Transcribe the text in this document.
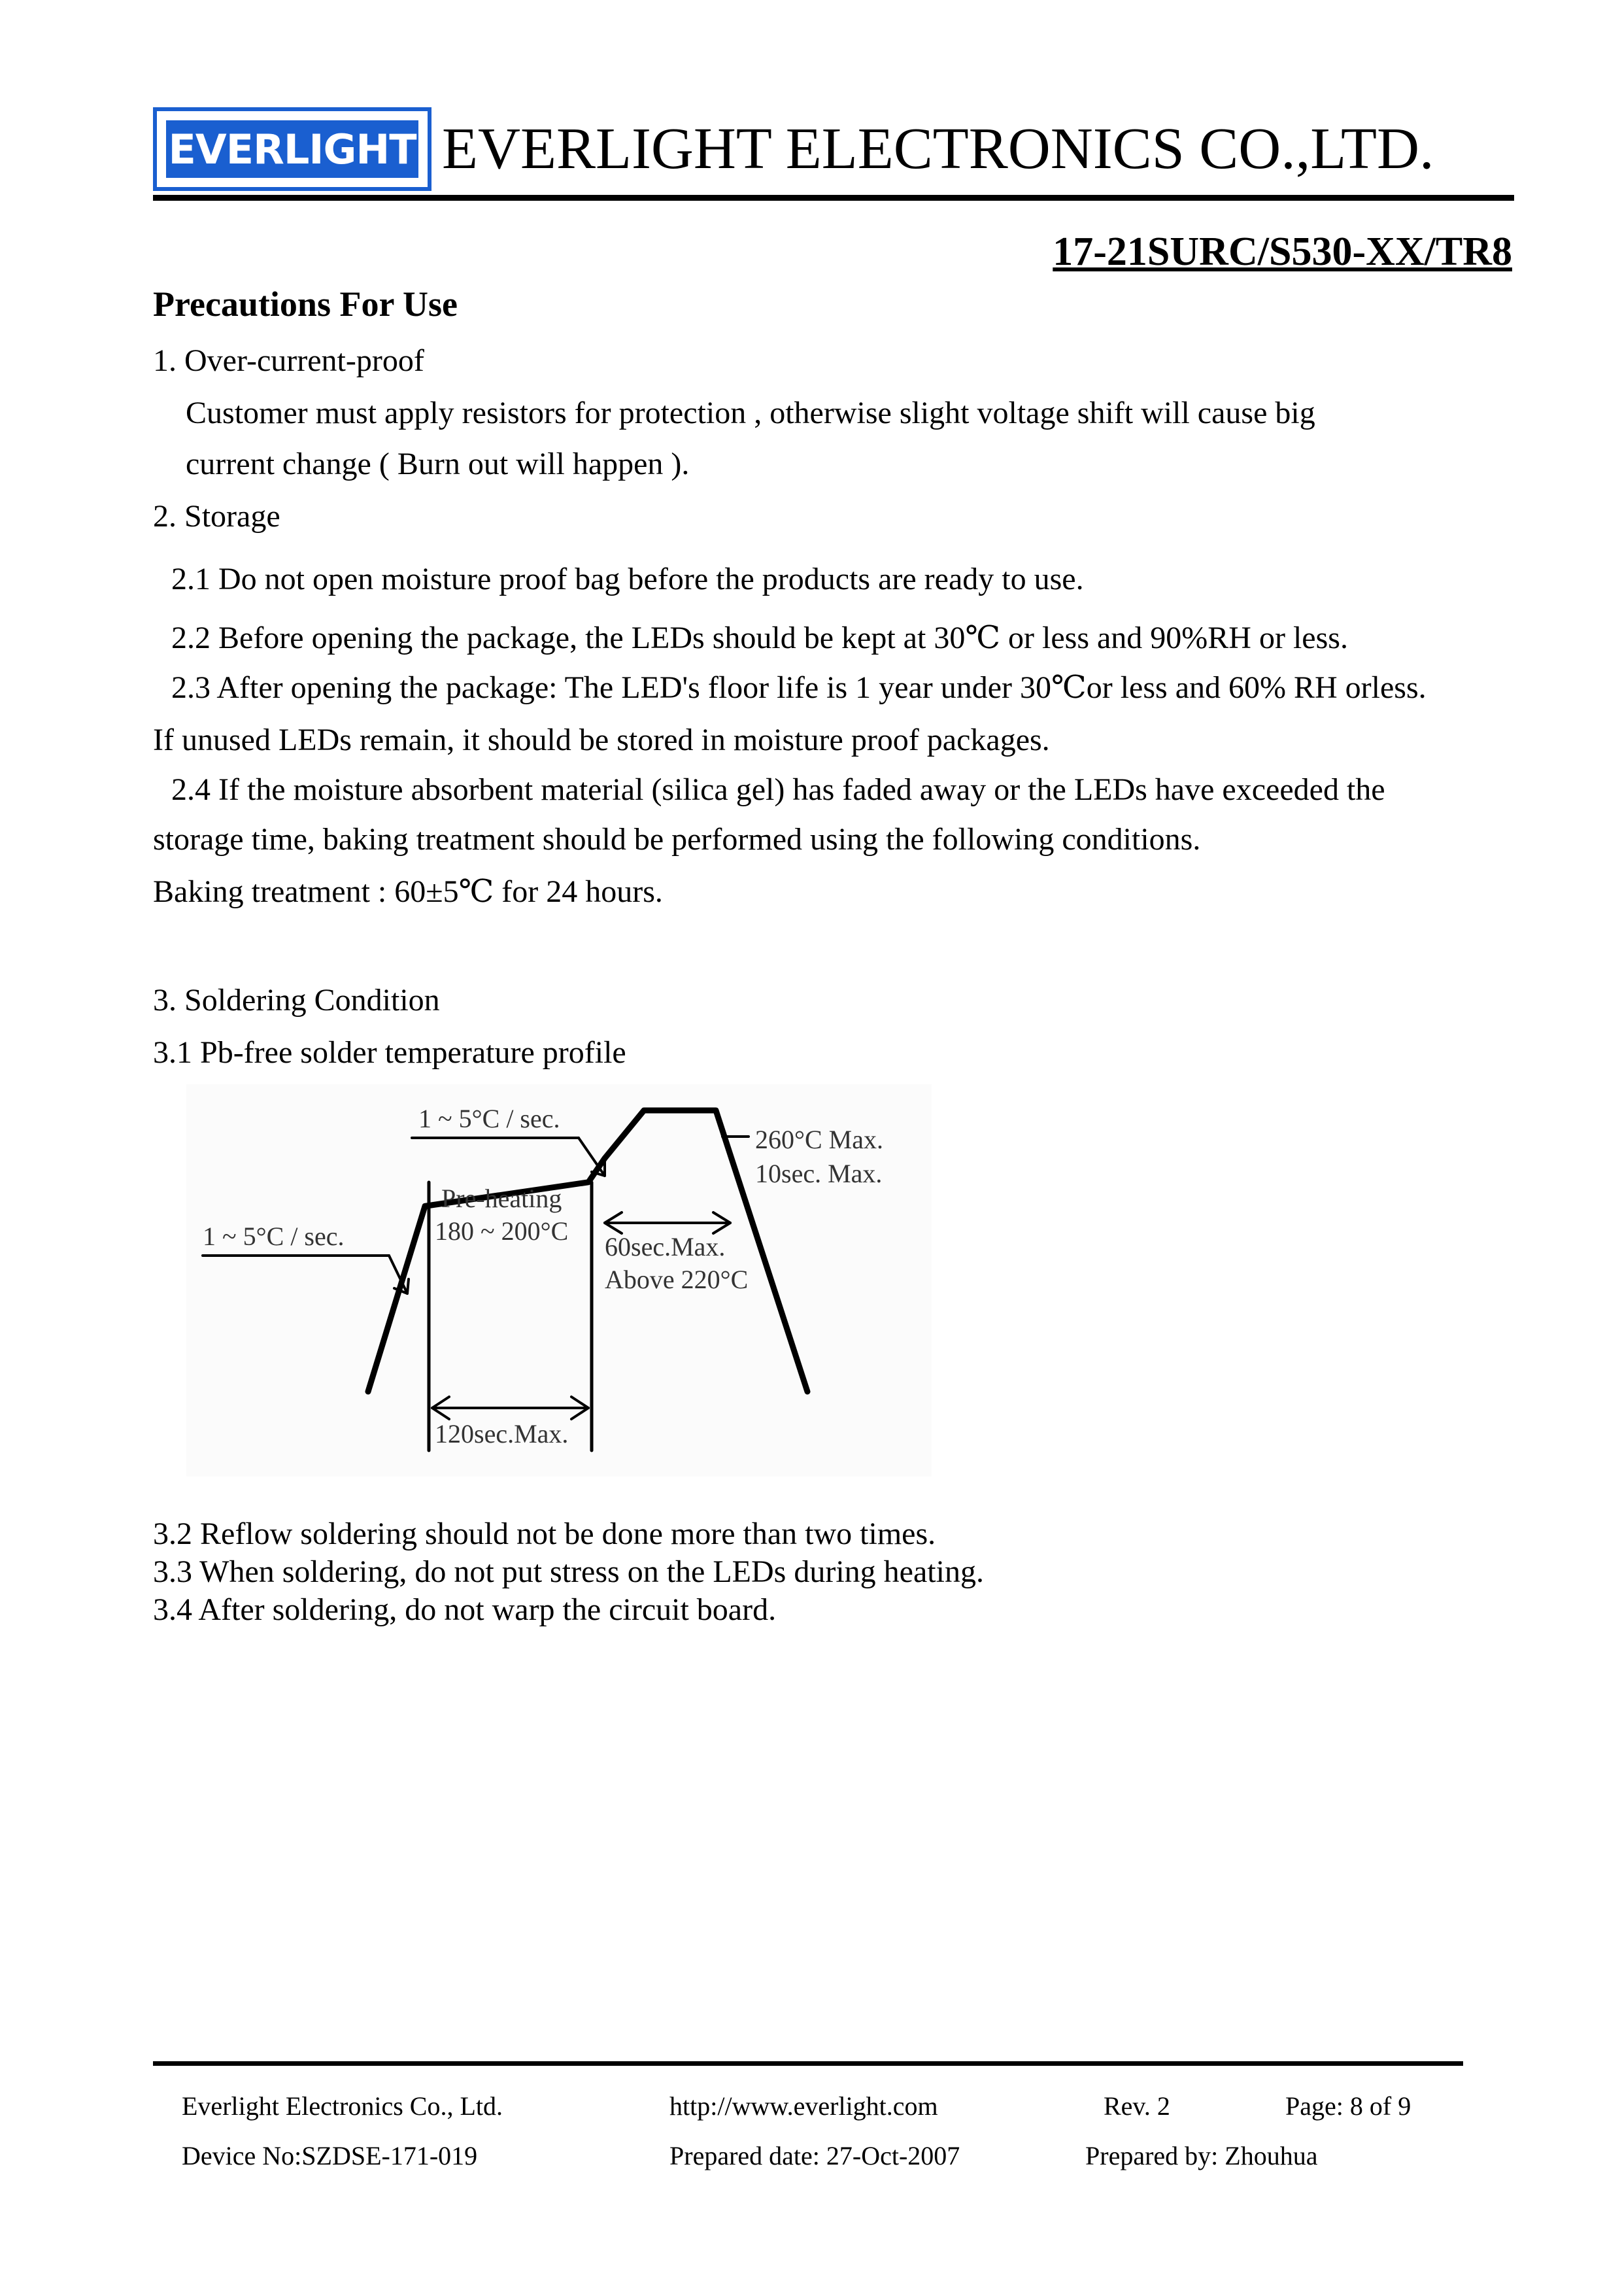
EVERLIGHT EVERLIGHT ELECTRONICS CO.,LTD.
17-21SURC/S530-XX/TR8
Precautions For Use
1. Over-current-proof
Customer must apply resistors for protection , otherwise slight voltage shift will cause big
current change ( Burn out will happen ).
2. Storage
2.1 Do not open moisture proof bag before the products are ready to use.
2.2 Before opening the package, the LEDs should be kept at 30℃ or less and 90%RH or less.
2.3 After opening the package: The LED's floor life is 1 year under 30℃or less and 60% RH orless.
If unused LEDs remain, it should be stored in moisture proof packages.
2.4 If the moisture absorbent material (silica gel) has faded away or the LEDs have exceeded the
storage time, baking treatment should be performed using the following conditions.
Baking treatment : 60±5℃ for 24 hours.
3. Soldering Condition
3.1 Pb-free solder temperature profile
1 ~ 5°C / sec.
Pre-heating
180 ~ 200°C
1 ~ 5°C / sec.
260°C Max.
10sec. Max.
60sec.Max.
Above 220°C
120sec.Max.
3.2 Reflow soldering should not be done more than two times.
3.3 When soldering, do not put stress on the LEDs during heating.
3.4 After soldering, do not warp the circuit board.
Everlight Electronics Co., Ltd.	http://www.everlight.com	Rev. 2	Page: 8 of 9
Device No:SZDSE-171-019	Prepared date: 27-Oct-2007	Prepared by: Zhouhua
